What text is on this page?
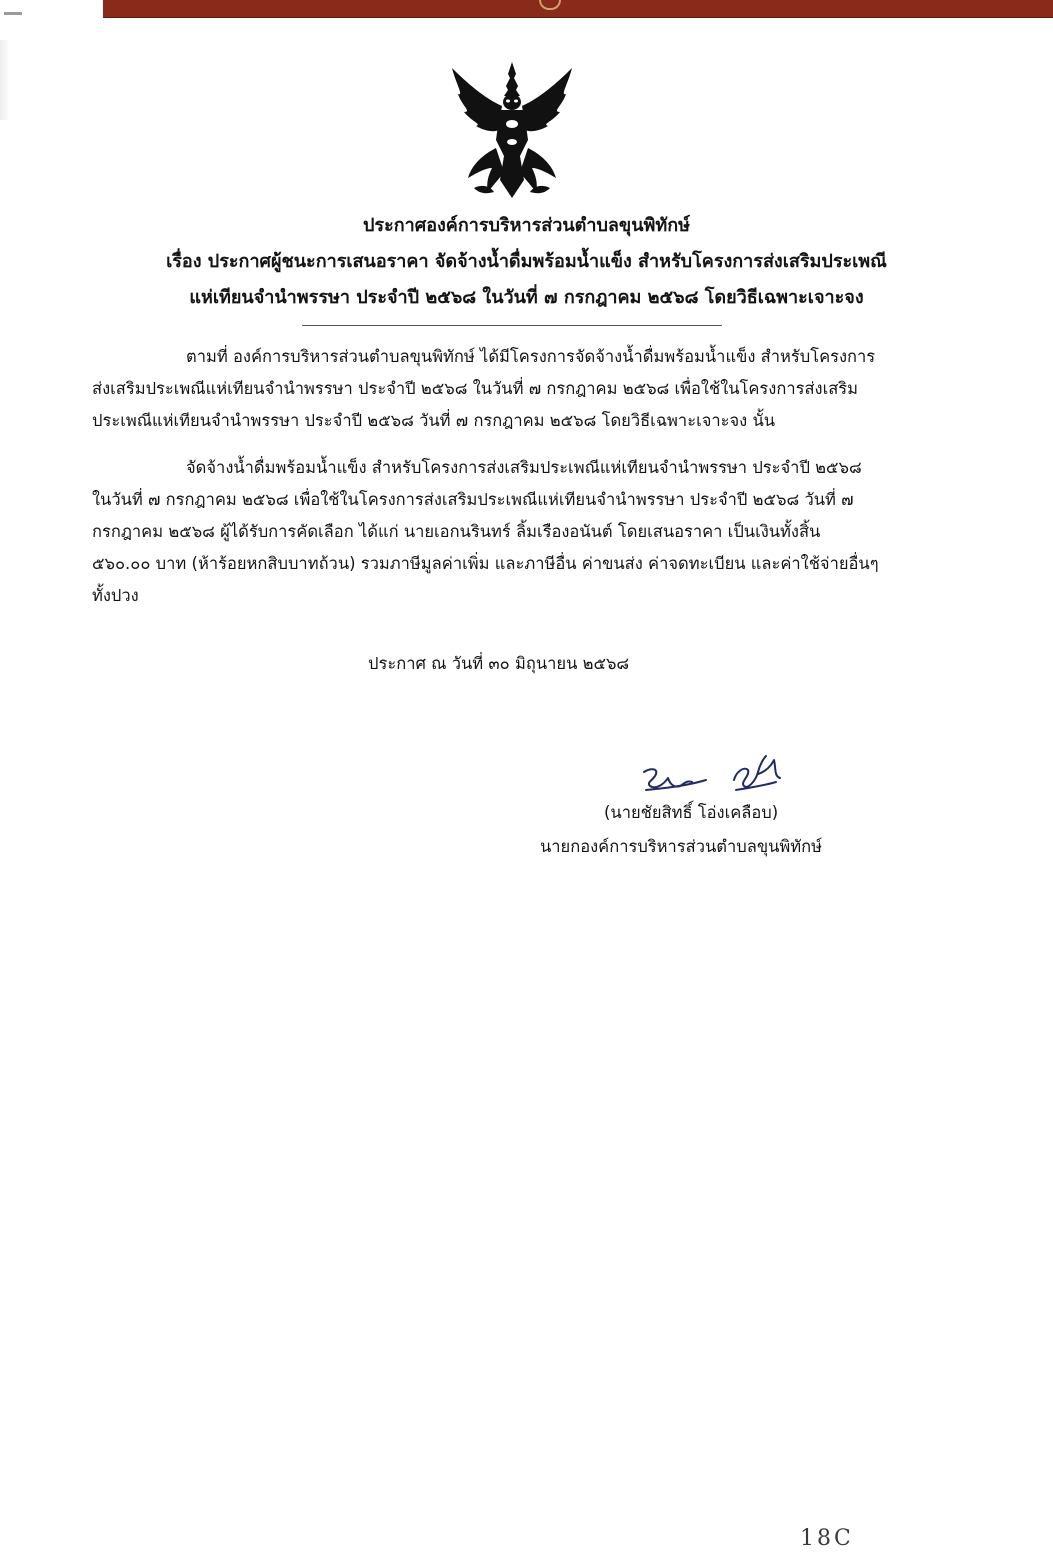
ประกาศองค์การบริหารส่วนตำบลขุนพิทักษ์
เรื่อง ประกาศผู้ชนะการเสนอราคา จัดจ้างน้ำดื่มพร้อมน้ำแข็ง สำหรับโครงการส่งเสริมประเพณี
แห่เทียนจำนำพรรษา ประจำปี ๒๕๖๘ ในวันที่ ๗ กรกฎาคม ๒๕๖๘ โดยวิธีเฉพาะเจาะจง
ตามที่ องค์การบริหารส่วนตำบลขุนพิทักษ์ ได้มีโครงการจัดจ้างน้ำดื่มพร้อมน้ำแข็ง สำหรับโครงการ
ส่งเสริมประเพณีแห่เทียนจำนำพรรษา ประจำปี ๒๕๖๘ ในวันที่ ๗ กรกฎาคม ๒๕๖๘ เพื่อใช้ในโครงการส่งเสริม
ประเพณีแห่เทียนจำนำพรรษา ประจำปี ๒๕๖๘ วันที่ ๗ กรกฎาคม ๒๕๖๘ โดยวิธีเฉพาะเจาะจง นั้น
จัดจ้างน้ำดื่มพร้อมน้ำแข็ง สำหรับโครงการส่งเสริมประเพณีแห่เทียนจำนำพรรษา ประจำปี ๒๕๖๘
ในวันที่ ๗ กรกฎาคม ๒๕๖๘ เพื่อใช้ในโครงการส่งเสริมประเพณีแห่เทียนจำนำพรรษา ประจำปี ๒๕๖๘ วันที่ ๗
กรกฎาคม ๒๕๖๘ ผู้ได้รับการคัดเลือก ได้แก่ นายเอกนรินทร์ ลิ้มเรืองอนันต์ โดยเสนอราคา เป็นเงินทั้งสิ้น
๕๖๐.๐๐ บาท (ห้าร้อยหกสิบบาทถ้วน) รวมภาษีมูลค่าเพิ่ม และภาษีอื่น ค่าขนส่ง ค่าจดทะเบียน และค่าใช้จ่ายอื่นๆ
ทั้งปวง
ประกาศ ณ วันที่ ๓๐ มิถุนายน ๒๕๖๘
(นายชัยสิทธิ์ โอ่งเคลือบ)
นายกองค์การบริหารส่วนตำบลขุนพิทักษ์
18C
